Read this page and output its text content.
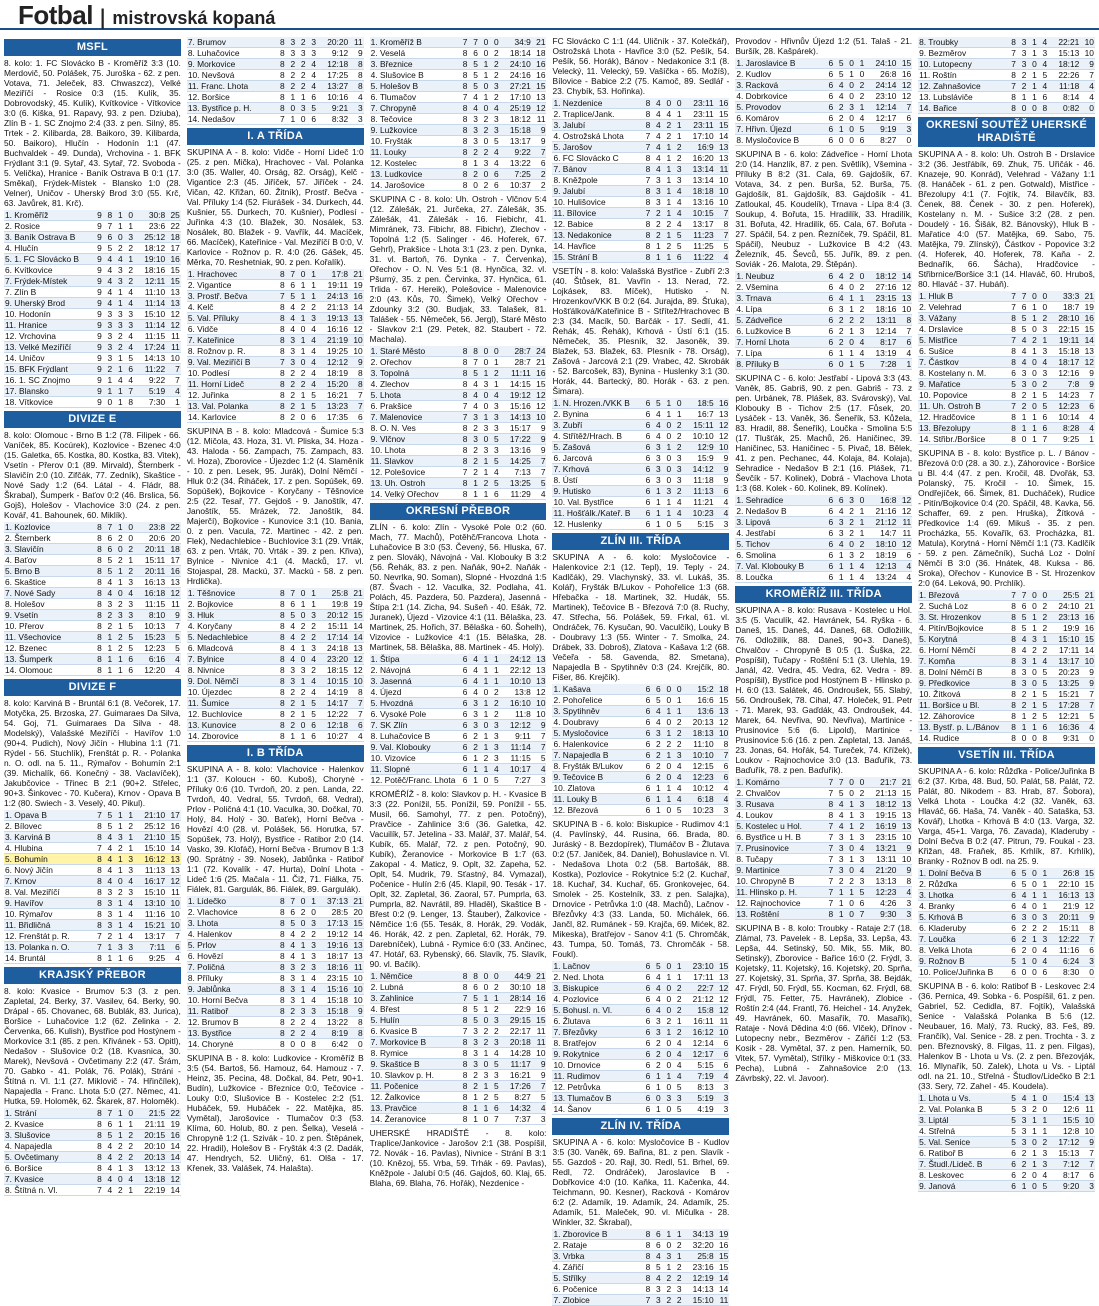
Fotbal | mistrovská kopaná
MSFL

8. kolo: 1. FC Slovácko B - Kroměříž 3:3 (10. Merdovič, 50. Polášek, 75. Juroška - 62. z pen. Votava, 71. Jeleček, 83. Chwaszcz), Velké Meziříčí - Rosice 0:3 (15. Kulík, 35. Dobrovodský, 45. Kulík), Kvítkovice - Vítkovice 3:0 (6. Kiška, 91. Rapavy, 93. z pen. Dziuba), Zlín B - 1. SC Znojmo 2:4 (33. z pen. Silný, 85. Trtek - 2. Kilibarda, 28. Baikoro, 39. Kilibarda, 50. Baikoro), Hlučín - Hodonín 1:1 (47. Buchvaldek - 49. Dunda), Vrchovina - 1. BFK Frýdlant 3:1 (9. Sytař, 43. Sytař, 72. Svoboda - 5. Velička), Hranice - Baník Ostrava B 0:1 (17. Směkal), Frýdek-Místek - Blansko 1:0 (28. Velner), Uničov - Uherský Brod 3:0 (55. Krč, 63. Javůrek, 81. Krč).

1. Kroměříž	9	8	1	0	30:8	25
2. Rosice	9	7	1	1	23:6	22
3. Baník Ostrava B	9	6	0	3	25:12	18
4. Hlučín	9	5	2	2	18:12	17
5. 1. FC Slovácko B	9	4	4	1	19:10	16
6. Kvítkovice	9	4	3	2	18:16	15
7. Frýdek-Místek	9	4	3	2	12:11	15
7. Zlín B	9	4	1	4	11:10	13
9. Uherský Brod	9	4	1	4	11:14	13
10. Hodonín	9	3	3	3	15:10	12
11. Hranice	9	3	3	3	11:14	12
12. Vrchovina	9	3	2	4	11:15	11
13. Velké Meziříčí	9	3	2	4	17:24	11
14. Uničov	9	3	1	5	14:13	10
15. BFK Frýdlant	9	2	1	6	11:22	7
16. 1. SC Znojmo	9	1	4	4	9:22	7
17. Blansko	9	1	1	7	5:19	4
18. Vítkovice	9	0	1	8	7:30	1
DIVIZE E

8. kolo: Olomouc - Brno B 1:2 (78. Filipek - 66. Vaníček, 85. Kocúrek), Kozlovice - Bzenec 4:0 (15. Galetka, 65. Kostka, 80. Kostka, 83. Vitek), Vsetín - Přerov 0:1 (89. Mirvald), Šternberk - Slavičín 2:0 (10. Zifčák, 77. Zedník), Skaštice - Nové Sady 1:2 (64. Látal - 4. Fládr, 88. Škrabal), Šumperk - Baťov 0:2 (46. Brslica, 56. Gojš), Holešov - Vlachovice 3:0 (24. z pen. Kovář, 41. Bahounek, 60. Miklík).

1. Kozlovice	8	7	1	0	23:8	22
2. Šternberk	8	6	2	0	20:6	20
3. Slavičín	8	6	0	2	20:11	18
4. Baťov	8	5	2	1	15:11	17
5. Brno B	8	5	1	2	20:11	16
6. Skaštice	8	4	1	3	16:13	13
7. Nové Sady	8	4	0	4	16:18	12
8. Holešov	8	3	2	3	11:15	11
9. Vsetín	8	2	3	3	8:10	9
10. Přerov	8	2	1	5	10:13	7
11. Všechovice	8	1	2	5	15:23	5
12. Bzenec	8	1	2	5	12:23	5
13. Šumperk	8	1	1	6	6:16	4
14. Olomouc	8	1	1	6	12:20	4
DIVIZE F

8. kolo: Karviná B - Bruntál 6:1 (8. Večorek, 17. Motyčka, 25. Brzoska, 27. Guimaraes Da Silva, 54. Goj, 71. Guimaraes Da Silva - 48. Modelský), Valašské Meziříčí - Havířov 1:0 (90+4. Pudich), Nový Jičín - Hlubina 1:1 (71. Rýdel - 56. Stuchlík), Frenštát p. R. - Polanka n. O. odl. na 5. 11., Rýmařov - Bohumín 2:1 (39. Michalík, 66. Konečný - 38. Vaclavíček), Jakubčovice - Třinec B 2:1 (90+2. Střelec, 90+3. Šinkovec - 70. Kučera), Krnov - Opava B 1:2 (80. Swiech - 3. Veselý, 40. Pikul).

1. Opava B	7	5	1	1	21:10	17
2. Bílovec	8	5	1	2	25:12	16
3. Karviná B	8	4	3	1	21:10	15
4. Hlubina	7	4	2	1	15:10	14
5. Bohumín	8	4	1	3	16:12	13
6. Nový Jičín	8	4	1	3	11:13	13
7. Krnov	8	4	0	4	16:17	12
8. Val. Meziříčí	8	3	2	3	15:10	11
9. Havířov	8	3	1	4	13:10	10
10. Rýmařov	8	3	1	4	11:16	10
11. Břidličná	8	3	1	4	15:21	10
12. Frenštát p. R.	7	2	1	4	13:17	7
13. Polanka n. O.	7	1	3	3	7:11	6
14. Bruntál	8	1	1	6	9:25	4
KRAJSKÝ PŘEBOR

8. kolo: Kvasice - Brumov 5:3 (3. z pen. Zapletal, 24. Berky, 37. Vasilev, 64. Berky, 90. Drápal - 65. Chovanec, 68. Bublák, 83. Jurica), Boršice - Luhačovice 1:2 (62. Zelinka - 2. Červenka, 66. Kulish), Bystřice pod Hostýnem - Morkovice 3:1 (85. z pen. Křivánek - 53. Opitl), Nedašov - Slušovice 0:2 (18. Kvasnica, 30. Marek), Nevšová - Ovčetimany 2:2 (47. Šrám, 70. Gabko - 41. Polák, 76. Polák), Stráni - Štítná n. Vl. 1:1 (27. Miklovič - 74. Hřinčílek), Napajedla - Franc. Lhota 5:0 (27. Němec, 41. Hutka, 59. Holoměk, 62. Škarek, 87. Holoměk).

1. Strání	8	7	1	0	21:5	22
2. Kvasice	8	6	1	1	21:11	19
3. Slušovice	8	5	1	2	20:15	16
4. Napajedla	8	4	2	2	20:10	14
5. Ovčetimany	8	4	2	2	20:13	14
6. Boršice	8	4	1	3	13:12	13
7. Kvasice	8	4	0	4	13:18	12
8. Štítná n. Vl.	7	4	2	1	22:19	14
7. Brumov	8	3	2	3	20:20	11
8. Luhačovice	8	3	3	3	9:12	9
9. Morkovice	8	2	2	4	12:18	8
10. Nevšová	8	2	2	4	17:25	8
11. Franc. Lhota	8	2	2	4	13:27	8
12. Boršice	8	1	1	6	10:16	4
13. Bystřice p. H.	8	0	3	5	9:21	3
14. Nedašov	7	1	0	6	8:32	3
I. A TŘÍDA

SKUPINA A - 8. kolo: Vidče - Horní Lideč 1:0 (25. z pen. Mička), Hrachovec - Val. Polanka 3:0 (35. Waller, 40. Orság, 82. Orság), Kelč - Vigantice 2:3 (45. Jiříček, 57. Jiříček - 24. Vičan, 42. Křižan, 60. Žitník), Prostř. Bečva - Val. Příluky 1:4 (52. Fiurášek - 34. Durkech, 44. Kušnier, 55. Durkech, 70. Kušnier), Podlesí - Juřinka 4:3 (10. Blažek, 30. Nosálek, 53. Nosálek, 80. Blažek - 9. Vavřík, 44. Macíček, 66. Macíček), Kateřinice - Val. Meziříčí B 0:0, V. Karlovice - Rožnov p. R. 4:0 (26. Gášek, 45. Měrka, 70. Reshetniak, 90. z pen. Kořalík).

1. Hrachovec	8	7	0	1	17:8	21
2. Vigantice	8	6	1	1	19:11	19
3. Prostř. Bečva	7	5	1	1	24:13	16
4. Kelč	8	4	2	2	21:13	14
5. Val. Příluky	8	4	1	3	19:13	13
6. Vidče	8	4	0	4	16:16	12
7. Kateřinice	8	3	1	4	21:19	10
8. Rožnov p. R.	8	3	1	4	19:25	10
9. Val. Meziříčí B	7	3	0	4	12:12	9
10. Podlesí	8	2	2	4	18:19	8
11. Horní Lideč	8	2	2	4	15:20	8
12. Juřinka	8	2	1	5	16:21	7
13. Val. Polanka	8	2	1	5	13:23	7
14. Karlovice	8	2	0	6	17:35	6

SKUPINA B - 8. kolo: Mladcová - Šumice 5:3 (12. Mičola, 43. Hoza, 31. Vl. Pliska, 34. Hoza - 43. Haloda - 56. Zampach, 75. Zampach, 83. vl. Hoza), Zborovice - Újezdec 1:2 (4. Slaměník - 10. z pen. Lesek, 95. Jurák), Dolní Němčí - Hluk 0:2 (34. Řiháček, 17. z pen. Sopúšek, 69. Sopúšek), Bojkovice - Koryčany - Těšnovice 2:5 (22. Tesař, 77. Gejdoš - 9. Janoštík, 47. Janoštík, 55. Mrázek, 72. Janoštík, 84. Majerčí), Bojkovice - Kunovice 3:1 (10. Bania, 0. z pen. Vacula, 72. Martinec - 42. z pen. Flek), Nedachlebice - Buchlovice 3:1 (29. Vrták, 63. z pen. Vrták, 70. Vrták - 39. z pen. Křiva), Bylnice - Nivnice 4:1 (4. Macků, 17. vl. Stojaspal, 28. Mackú, 37. Mackú - 58. z pen. Hrdlička).

1. Těšnovice	8	7	0	1	25:8	21
2. Bojkovice	8	6	1	1	19:8	19
3. Hluk	8	5	0	3	20:12	15
4. Koryčany	8	4	2	2	15:11	14
5. Nedachlebice	8	4	2	2	17:14	14
6. Mladcová	8	4	1	3	24:18	13
7. Bylnice	8	4	0	4	23:20	12
8. Nivnice	8	3	3	2	18:15	12
9. Dol. Němčí	8	3	1	4	10:15	10
10. Újezdec	8	2	2	4	14:19	8
11. Šumice	8	2	1	5	14:17	7
12. Buchlovice	8	2	1	5	12:22	7
13. Kunovice	8	2	0	6	12:18	6
14. Zborovice	8	1	1	6	10:27	4
I. B TŘÍDA

SKUPINA A - 8. kolo: Vlachovice - Halenkov 1:1 (37. Koloucн - 60. Kuboš), Chorynė - Příluky 0:6 (10. Tvrdoň, 20. z pen. Landa, 22. Tvrdoň, 40. Vedral, 55. Tvrdoň, 68. Vedral), Prlov - Poličná 4:1 (10. Vaculka, 30. Dočkal, 70. Holý, 84. Holý - 30. Baťek), Horní Bečva - Hovězí 4:0 (28. vl. Polášek, 56. Horutka, 57. Sopúšek, 73. Holý), Bystřice - Ratibor 2:0 (14. Vasko, 39. Klofáč), Horní Bečva - Brumov B 1:3 (90. Sprátný - 39. Nosek), Jablůnka - Ratiboř 1:1 (72. Kovalík - 47. Hurta), Dolní Lhota - Lideč 1:6 (25. Mačala - 11. Čiž, 71. Fiálka, 75. Fiálek, 81. Gargulák, 86. Fiálek, 89. Gargulák).

1. Lidečko	8	7	0	1	37:13	21
2. Vlachovice	8	6	2	0	28:5	20
3. Lhota	8	5	0	3	17:13	15
4. Halenkov	8	4	2	2	19:12	14
5. Prlov	8	4	1	3	19:16	13
6. Hovězí	8	4	1	3	18:17	13
7. Poličná	8	3	2	3	18:16	11
8. Příluky	8	3	1	4	23:15	10
9. Jablůnka	8	3	1	4	15:16	10
10. Horní Bečva	8	3	1	4	15:18	10
11. Ratiboř	8	2	3	3	15:18	9
12. Brumov B	8	2	2	4	13:22	8
13. Bystřice	8	2	2	4	8:19	8
14. Chorynė	8	0	0	8	6:42	0

SKUPINA B - 8. kolo: Ludkovice - Kroměříž B 3:5 (54. Bartoš, 56. Hamouz, 64. Hamouz - 7. Heinz, 35. Pecina, 48. Dočkal, 84. Petr, 90+1. Budín), Lužkovice - Březnice 0:0, Tečovice - Louky 0:0, Slušovice B - Kostelec 2:2 (51. Hubáček, 59. Hubáček - 22. Matějka, 85. Vymětal), Jarošovice - Tlumačov 0:3 (53. Klíma, 60. Holub, 80. z pen. Šelka), Veselá - Chropyně 1:2 (1. Szivák - 10. z pen. Štěpánek, 22. Hradil), Holešov B - Fryšták 4:3 (2. Dadák, 47. Hendrych, 52. Uličný, 61. Olša - 17. Křenek, 33. Valášek, 74. Halašta).

1. Kroměříž B	7	7	0	0	34:9	21
2. Veselá	8	6	0	2	18:14	18
3. Březnice	8	5	1	2	24:10	16
4. Slušovice B	8	5	1	2	24:16	16
5. Holešov B	8	5	0	3	27:21	15
6. Tlumačov	7	4	1	2	17:10	13
7. Chropyně	8	4	0	4	25:19	12
8. Tečovice	8	3	2	3	18:12	11
9. Lužkovice	8	3	2	3	15:18	9
10. Fryšták	8	3	0	5	13:17	9
11. Louky	8	2	2	4	9:22	7
12. Kostelec	8	1	3	4	13:22	6
13. Ludkovice	8	2	0	6	7:25	2
14. Jarošovice	8	0	2	6	10:37	2

SKUPINA C - 8. kolo: Uh. Ostroh - Vlčnov 5:4 (12. Zálešák, 21. Jurčeka, 27. Zálešák, 35. Zálešák, 41. Zálešák - 16. Fiebichr, 41. Mimránek, 73. Fibichr, 88. Fibichr), Zlechov - Topolná 1:2 (5. Salinger - 46. Hoferek, 67. Gehrl), Prakšice - Lhota 3:1 (23. z pen. Dynka, 31. vl. Bartoň, 76. Dynka - 7. Červenka), Ořechov - O. N. Ves 5:1 (8. Hynčica, 32. vl. Pšurný, 35. z pen. Červinka, 37. Hynčica, 61. Trlida - 67. Hereik), Polešovice - Malenovice 2:0 (43. Kůs, 70. Šimek), Velký Ořechov - Zdounky 3:2 (30. Budjak, 33. Talašek, 81. Talášek - 55. Němeček, 56. Jergl), Staré Město - Slavkov 2:1 (29. Petek, 82. Staubert - 72. Machala).

1. Staré Město	8	8	0	0	28:7	24
2. Ořechov	8	7	0	1	28:7	21
3. Topolná	8	5	1	2	11:11	16
4. Zlechov	8	4	3	1	14:15	15
5. Lhota	8	4	0	4	19:12	12
6. Prakšice	7	4	0	3	15:16	12
7. Malenovice	7	3	1	3	14:13	10
8. O. N. Ves	8	2	3	3	15:17	9
9. Vlčnov	8	3	0	5	17:22	9
10. Lhota	8	2	3	3	13:16	9
11. Slavkov	8	2	1	5	14:25	7
12. Polešovice	7	2	1	4	7:13	7
13. Uh. Ostroh	8	1	2	5	13:25	5
14. Velký Ořechov	8	1	1	6	11:29	4
OKRESNÍ PŘEBOR

ZLÍN - 6. kolo: Zlín - Vysoké Pole 0:2 (60. Mach, 77. Machů), Potěhč/Francova Lhota - Luhačovice B 3:0 (53. Čevený, 56. Hluska, 67. z pen. Slovák), Návojná - Val. Klobouky B 3:2 (56. Řehák, 83. z pen. Naňák, 90+2. Naňák - 50. Nevrlka, 90. Soman), Slopné - Hvozdná 1:5 (87. Švach - 12. Vaculka, 32. Podlaha, 41. Polách, 45. Pazdera, 50. Pazdera), Jasenná - Štípa 2:1 (14. Zicha, 94. Sušeň - 40. Ešák, 72. Juranek), Újezd - Vizovice 4:1 (11. Bělaška, 23. Martinek, 25. Hořich, 37. Bělaška - 60. Šohelh), Vizovice - Lužkovice 4:1 (15. Bělaška, 28. Martinek, 58. Bělaška, 88. Martinek - 45. Holý).

1. Štípa	6	4	1	1	24:12	13
2. Návojná	6	4	1	1	22:12	13
3. Jasenná	6	4	1	1	10:10	13
4. Újezd	6	4	0	2	13:8	12
5. Hvozdná	6	3	1	2	16:10	10
6. Vysoké Pole	6	3	1	2	11:8	10
7. SK Zlín	6	3	0	3	12:12	9
8. Luhačovice B	6	2	1	3	9:11	7
9. Val. Klobouky	6	2	1	3	11:14	7
10. Vizovice	6	1	2	3	11:15	5
11. Slopné	6	1	1	4	10:17	4
12. Potěč/Franc. Lhota	6	1	0	5	7:27	3

KROMĚŘÍŽ - 8. kolo: Slavkov p. H. - Kvasice B 3:3 (22. Ponížil, 55. Ponížil, 59. Ponížil - 55. Musil, 66. Samohyl, 77. z pen. Potočný), Pravčice - Zahlinice 3:6 (36. Galetka, 42. Vacuilík, 57. Jetelina - 33. Malář, 37. Malář, 54. Kubík, 65. Malář, 72. z pen. Potočný, 90. Kubík), Žeranovice - Morkovice B 1:7 (63. Zakopal - 4. Maticz, 9. Oplt, 32. Zapeha, 52. Oplt, 54. Mudrik, 79. Sťastný, 84. Vymazal), Počenice - Hulín 2:6 (45. Klapil, 90. Tesák - 17. Oplt, 32. Zapletal, 36. Zaoral, 57. Pumprla, 63. Pumprla, 82. Navrátil, 89. Hladěl), Skaštice B - Břest 0:2 (9. Lenger, 13. Štauber), Žalkovice - Němčice 1:6 (55. Tesák, 8. Horák, 29. Vodák, 46. Horák, 42. z pen. Zapletal, 62. Horák, 79. Darebníček), Lubná - Rymice 6:0 (33. Ančinec, 47. Hotář, 63. Rybenský, 66. Slavík, 75. Slavík, 90. vl. Bačík).

1. Němčice	8	8	0	0	44:9	21
2. Lubná	8	6	0	2	30:10	18
3. Zahlinice	7	5	1	1	28:14	16
4. Břest	8	5	1	2	22:9	16
5. Hulín	8	5	0	3	29:15	15
6. Kvasice B	7	3	2	2	22:17	11
7. Morkovice B	8	3	2	3	20:18	11
8. Rymice	8	3	1	4	14:28	10
9. Skaštice B	8	3	0	5	11:17	9
10. Slavkov p. H.	8	2	3	3	16:21	9
11. Počenice	8	2	1	5	17:26	7
12. Žalkovice	8	1	2	5	8:27	5
13. Pravčice	8	1	1	6	14:32	4
14. Žeranovice	8	1	0	7	7:37	3

UHERSKÉ HRADIŠTĚ - 8. kolo: Traplice/Jankovice - Jarošov 2:1 (38. Pospíšil, 72. Novák - 16. Pavlas), Nivnice - Strání B 3:1 (10. Knězoj, 55. Vrba, 59. Trhák - 69. Pavlas), Kněžpole - Jalubí 0:5 (46. Gajdoš, 60. Klaj, 65. Blaha, 69. Blaha, 76. Hořák), Nezdenice -

FC Slovácko C 1:1 (44. Uličník - 37. Kolečkář), Ostrožská Lhota - Havřice 3:0 (52. Pešík, 54. Pešík, 56. Horák), Bánov - Nedakonice 3:1 (8. Velecký, 11. Velecký, 59. Vašíčka - 65. Možíš), Bílovice - Babice 2:2 (75. Kamoč, 89. Sedlář - 23. Chybík, 53. Hořinka).

1. Nezdenice	8	4	0	0	23:11	16
2. Traplice/Jank.	8	4	4	1	23:11	15
3. Jalubí	8	4	2	1	23:11	15
4. Ostrožská Lhota	7	4	2	1	17:10	14
5. Jarošov	7	4	1	2	16:9	13
6. FC Slovácko C	8	4	1	2	16:20	13
7. Bánov	8	4	1	3	13:14	11
8. Kněžpole	7	3	1	3	13:14	10
9. Jalubí	8	3	1	4	18:18	10
10. Hulišovice	8	3	1	4	13:16	10
11. Bílovice	7	2	1	4	10:15	7
12. Babice	8	2	2	4	13:17	8
13. Nedakonice	8	2	1	5	11:23	7
14. Havřice	8	1	2	5	11:25	5
15. Strání B	8	1	1	6	11:22	4

VSETÍN - 8. kolo: Valašská Bystřice - Zubří 2:3 (40. Štůsek, 81. Vavřín - 13. Nerad, 72. Lojkásek, 83. Míček), Hutisko - N. Hrozenkov/VKK B 0:2 (64. Jurajda, 89. Šťuka), Hošťálková/Kateřinice B - Střítež/Hrachovec B 2:3 (34. Macík, 50. Barčák - 17. Sedlí, 41. Řehák, 45. Řehák), Krhová - Ústí 6:1 (15. Němeček, 35. Plesník, 32. Jasoněk, 39. Blažek, 53. Blažek, 63. Plesník - 78. Orság), Zašová - Jarcová 2:1 (29. Vrabec, 42. Skrobák - 52. Barcošek, 83), Bynina - Huslenky 3:1 (30. Horák, 44. Bartecký, 80. Horák - 63. z pen. Šimara).

1. N. Hrozen./VKK B	6	5	1	0	18:5	16
2. Bynina	6	4	1	1	16:7	13
3. Zubří	6	4	0	2	15:11	12
4. Střítěž/Hrach. B	6	4	0	2	10:10	12
5. Zašová	6	3	1	2	12:9	10
6. Jarcová	6	3	0	3	15:9	9
7. Krhová	6	3	0	3	14:12	9
8. Ústí	6	3	0	3	11:18	9
9. Hutisko	6	1	3	2	11:13	6
10. Val. Bystřice	6	1	1	4	11:21	4
11. Hošťálk./Kateř. B	6	1	1	4	10:23	4
12. Huslenky	6	1	0	5	5:15	3
ZLÍN III. TŘÍDA

SKUPINA A - 6. kolo: Mysločovice - Halenkovice 2:1 (12. Tepl), 19. Teply - 24. Kadlčák), 29. Vlachynský, 33. vl. Lukáš, 35. Kolář), Fryšták B/Lukov - Pohořelice 1:3 (68. Hřebačka - 18. Martinek, 32. Hudák, 55. Martinek), Tečovice B - Březová 7:0 (8. Ruchy, 47. Střecha, 56. Polášek, 59. Frkal, 61. vl. Ondráček, 76. Kysučan, 90. Vaculčík), Louky B - Doubravy 1:3 (55. Winter - 7. Smolka, 24. Drábek, 33. Dobroš), Zlatova - Kašava 1:2 (68. Večeřa - 58. Gavenda, 82. Smetana), Napajedla B - Spytihněv 0:3 (24. Krejčík, 80. Fišer, 86. Krejčík).

1. Kašava	6	6	0	0	15:2	18
2. Pohořelice	6	5	0	1	16:6	15
3. Spytihněv	6	4	1	1	13:6	13
4. Doubravy	6	4	0	2	20:13	12
5. Mysločovice	6	3	1	2	18:13	10
6. Halenkovice	6	2	2	2	11:10	8
7. Napajedla B	6	2	1	3	10:10	7
8. Fryšták B/Lukov	6	2	0	4	12:15	6
9. Tečovice B	6	2	0	4	12:23	6
10. Zlatova	6	1	1	4	10:12	4
11. Louky B	6	1	1	4	6:18	4
12. Březová	6	1	0	5	10:23	3

SKUPINA B - 6. kolo: Biskupice - Rudimov 4:1 (4. Pavlínský, 44. Rusina, 66. Brada, 80. Juráský - 8. Bezdopírek), Tlumáčov B - Žlutava 0:2 (57. Janiček, 84. Daniel), Bohuslavice n. Vl. - Nedašova Lhota 0:2 (58. Bartošák, 88. Kostka), Pozlovice - Rokytnice 5:2 (2. Kuchař, 18. Kuchař, 34. Kuchař, 65. Gronkovejec, 64. Smolek - 25. Kostelník, 33. z pen. Salajka), Drnovice - Petrůvka 1:0 (48. Machů), Lačnov - Březůvky 4:3 (33. Landa, 50. Michálek, 66. Jančl, 82. Rumánek - 59. Krajča, 69. Mićek, 82. Mikeska), Bratřejov - Sanov 4:1 (5. Chromčák, 43. Tumpa, 50. Tomáš, 73. Chromčák - 58. Foukl).

1. Lačnov	6	5	0	1	23:10	15
2. Ned. Lhota	6	4	1	1	17:11	13
3. Biskupice	6	4	0	2	22:7	12
4. Pozlovice	6	4	0	2	21:12	12
5. Bohusl. n. Vl.	6	4	0	2	15:8	12
6. Žlutava	6	3	2	1	16:11	11
7. Březůvky	6	3	1	2	16:12	10
8. Bratřejov	6	2	0	4	12:14	6
9. Rokytnice	6	2	0	4	12:17	6
10. Drnovice	6	2	0	4	5:15	6
11. Rudimov	6	1	1	4	7:19	4
12. Petrůvka	6	1	0	5	8:13	3
13. Tlumačov B	6	0	3	3	5:19	3
14. Šanov	6	1	0	5	4:19	3
ZLÍN IV. TŘÍDA

SKUPINA A - 6. kolo: Mysločovice B - Kudlov 3:5 (30. Vaněk, 69. Bařina, 81. z pen. Slavík - 55. Gazdoš - 20. Rajl, 30. Redl, 51. Brhel, 69. Redl, 72. Ondráček), Jaroslavice B - Dobřkovice 4:0 (10. Kaňka, 11. Kačenka, 44. Teichmann, 90. Kesner), Racková - Komárov 6:2 (2. Adamík, 19. Adamík, 24. Adamík, 25. Adamík, 51. Maleček, 90. vl. Mičulka - 28. Winkler, 32. Škrabal),

1. Zborovice B	8	6	1	1	34:13	19
2. Rataje	8	6	0	2	32:20	16
3. Vrbka	8	4	3	1	25:8	15
4. Zářičí	8	5	1	2	23:16	15
5. Střílky	8	4	2	2	12:19	14
6. Počenice	8	3	2	3	14:13	14
7. Zlobice	7	3	2	2	15:10	11

Provodov - Hřivnův Újezd 1:2 (51. Talaš - 21. Buršík, 28. Kašpárek).

1. Jaroslavice B	6	5	0	1	24:10	15
2. Kudlov	6	5	1	0	26:8	16
3. Racková	6	4	0	2	24:14	12
4. Dobrkovice	6	4	0	2	23:10	12
5. Provodov	6	2	3	1	12:14	7
6. Komárov	6	2	0	4	12:17	6
7. Hřivn. Újezd	6	1	0	5	9:19	3
8. Mysločovice B	6	0	0	6	8:27	0

SKUPINA B - 6. kolo: Zádveřice - Horní Lhota 2:0 (14. Hanzlík, 87. z pen. Světlík), Všemina - Příluky B 8:2 (31. Cala, 69. Gajdošík, 67. Votava, 34. z pen. Burša, 52. Burša, 75. Gajdošík, 81. Gajdošík, 83. Gajdošík - 41. Zatloukal, 45. Koudelík), Trnava - Lípa 8:4 (3. Soukup, 4. Bořuta, 15. Hradilík, 33. Hradilík, 31. Bořuta, 42. Hradilík, 65. Cala, 67. Bořuta - 27. Spáčil, 54. z pen. Řezníček, 79. Spáčil, 81. Spáčil), Neubuz - Lužkovice B 4:2 (43. Železník, 45. Ševců, 55. Juřík, 89. z pen. Soviák - 26. Malota, 29. Štěpán).

1. Neubuz	6	4	2	0	18:12	14
2. Všemina	6	4	0	2	27:16	12
3. Trnava	6	4	1	1	23:15	13
4. Lípa	6	3	1	2	18:16	10
5. Zádveřice	6	2	2	2	13:11	8
6. Lužkovice B	6	2	1	3	12:14	7
7. Horní Lhota	6	2	0	4	8:17	6
7. Lípa	6	1	1	4	13:19	4
8. Příluky B	6	0	1	5	7:28	1

SKUPINA C - 6. kolo: Jestřabí - Lipová 3:3 (43. Vaněk, 85. Gabriš, 90. z pen. Gabriš - 73. z pen. Urbánek, 78. Plášek, 83. Svárovský), Val. Klobouky B - Tichov 2:5 (17. Fůsek, 20. Lysáček - 13. Vaněk, 36. Šeneřík, 53. Kůžela, 83. Hradil, 88. Šeneřík), Loučka - Smolina 5:5 (17. Tlušťák, 25. Machů, 26. Haničinec, 39. Haničinec, 53. Haničinec - 5. Pivač, 18. Bělek, 41. z pen. Pechanec, 44. Kolaja, 84. Kolaja), Sehradice - Nedašov B 2:1 (16. Plášek, 71. Ševčík - 57. Kolinek), Dobrá - Vlachova Lhota 1:3 (68. Kolek - 60. Kolinek, 89. Kolínek).

1. Sehradice	6	6	3	0	16:8	12
2. Nedašov B	6	4	2	1	21:16	12
3. Lipová	6	3	2	1	21:12	11
4. Jestřabí	6	3	2	1	14:7	11
5. Tichov	6	4	0	2	18:10	12
6. Smolina	6	1	3	2	18:19	6
7. Val. Klobouky B	6	1	1	4	12:13	4
8. Loučka	6	1	1	4	13:24	4
KROMĚŘÍŽ III. TŘÍDA

SKUPINA A - 8. kolo: Rusava - Kostelec u Hol. 3:5 (5. Vaculík, 42. Havránek, 54. Ryška - 6. Daneš, 15. Daneš, 44. Daneš, 68. Odložilík, 76. Odložilík, 88. Daneš, 90+3. Daneš), Chvalčov - Chropyně B 0:5 (1. Šuška, 22. Pospíšil), Tučapy - Roštění 5:1 (3. Ulehla, 19. Janál, 42. Vedra, 45. Vedra, 62. Vedra - 89. Pospíšil), Bystřice pod Hostýnem B - Hlinsko p. H. 6:0 (13. Salátek, 46. Ondroušek, 55. Slabý, 56. Ondroušek, 78. Cihal, 47. Holeček, 91. Petr - 71. Marek, 93. Gaďdák, 43. Ondroušek, 44. Marek, 64. Nevřiva, 90. Nevřiva), Martinice - Prusinovice 5:6 (6. Lipold), Martinice - Prusinovice 5:6 (16. z pen. Zapletal, 13. Janáš, 23. Jonas, 64. Hořák, 54. Tureček, 74. Křížek), Loukov - Rajnochovice 3:0 (13. Baďuřík, 73. Baďuřík, 78. z pen. Baďuřík).

1. Komárno	7	7	0	0	21:7	21
2. Chvalčov	7	5	0	2	21:13	15
3. Rusava	8	4	1	3	18:12	13
4. Loukov	8	4	1	3	19:15	13
5. Kostelec u Hol.	7	4	1	2	16:19	13
6. Bystřice u H. B	7	3	1	3	23:15	10
7. Prusinovice	7	3	0	4	13:21	9
8. Tučapy	7	3	1	3	13:11	10
9. Martinice	7	3	0	4	21:20	9
10. Chropyně B	7	2	2	3	13:13	8
11. Hlinsko p. H.	7	1	1	5	12:23	4
12. Rajnochovice	7	1	0	6	4:26	3
13. Roštění	8	1	0	7	9:30	3

SKUPINA B - 8. kolo: Troubky - Rataje 2:7 (18. Zlámal, 73. Pavelek - 8. Lepša, 33. Lepša, 43. Lepša, 44. Setinský, 50. Mik, 55. Mik, 80. Setinský), Zborovice - Bařice 16:0 (2. Frýdl, 3. Kojetský, 11. Kojetský, 16. Kojetský, 20. Sprňa, 27. Kojetský, 31. Sprňa, 37. Sprňa, 38. Bejdák, 47. Frýdl, 50. Frýdl, 55. Kocman, 62. Frýdl, 68. Frýdl, 75. Fetter, 75. Havránek), Zlobice - Roštín 2:4 (44. Frantl, 76. Heichel - 14. Anyžek, 49. Havránek, 60. Masařík, 70. Masařík), Rataje - Nová Dědina 4:0 (66. Vlček), Dřínov - Lutopecny nebr., Bezměrov - Zářičí 1:2 (53. Kosik - 28. Vymětal, 37. z pen. Hamerník, 50. Vitek, 57. Vymětal), Střílky - Miškovice 0:1 (33. Pecha), Lubná - Zahnašovice 2:0 (13. Závrbský, 22. vl. Javoor).

8. Troubky	8	3	1	4	22:21	10
9. Bezměrov	7	3	1	3	15:13	10
10. Lutopecny	7	3	0	4	18:12	9
11. Roštín	8	2	1	5	22:26	7
12. Zahnašovice	7	2	1	4	11:18	4
13. Lubsláviče	8	1	1	6	8:14	4
14. Bařice	8	0	0	8	0:82	0
OKRESNÍ SOUTĚŽ UHERSKÉ HRADIŠTĚ

SKUPINA A - 8. kolo: Uh. Ostroh B - Drslavice 3:2 (36. Jestřábík, 69. Zhuk, 75. Uřičák - 46. Knazeje, 90. Konrád), Velehrad - Vážany 1:1 (8. Hanáček - 61. z pen. Gotwald), Mistřice - Březolupy 4:1 (7. Fojtík, 74. Bilavčík, 83. Čenek, 88. Čenek - 30. z pen. Hoferek), Kostelany n. M. - Sušice 3:2 (28. z pen. Doudelý - 16. Šišák, 82. Bánovský), Hluk B - Mařatice 4:0 (57. Matějka, 69. Sabo, 75. Matějka, 79. Zlínský), Částkov - Popovice 3:2 (4. Hoferek, 40. Hoferek, 78. Kaňa - 2. Bednařík, 66. Šácha), Hradčovice - Střibrnice/Boršice 3:1 (14. Hlaváč, 60. Hruboš, 80. Hlaváč - 37. Hubáň).

1. Hluk B	7	7	0	0	33:3	21
2. Velehrad	7	6	1	0	18:7	19
3. Vážany	8	5	1	2	28:10	16
4. Drslavice	8	5	0	3	22:15	15
5. Mistřice	7	4	2	1	19:11	14
6. Sušice	8	4	1	3	15:18	13
7. Částkov	8	4	0	4	18:17	12
8. Kostelany n. M.	6	3	0	3	12:16	9
9. Mařatice	5	3	0	2	7:8	9
10. Popovice	8	2	1	5	14:23	7
11. Uh. Ostroh B	7	2	0	5	12:23	6
12. Hradčovice	8	1	1	6	10:14	4
13. Březolupy	8	1	1	6	8:28	4
14. Střibr./Boršice	8	0	1	7	9:25	1

SKUPINA B - 8. kolo: Bystřice p. L. / Bánov - Březová 0:0 (28. a 30. z.), Záhorovice - Boršice u Bl. 4:4 (47. z pen. Kročil, 48. Dvořák, 53. Polanský, 75. Kročil - 10. Šimek, 15. Ondřejíček, 66. Šimek, 81. Ducháček), Rudice - Pitín/Bojkovice 0:4 (20. Spáčil, 48. Kavka, 56. Schaffer, 69. z pen. Hruška), Žítková - Předkovice 1:4 (69. Mikuš - 35. z pen. Procházka, 55. Kovařík, 63. Procházka, 81. Matula), Korytná - Horní Němčí 1:1 (73. Kadlčík - 59. z pen. Zámečník), Suchá Loz - Dolní Němčí B 3:0 (36. Hnátek, 48. Kuksa - 86. Sroka), Ořechov - Kunovice B - St. Hrozenkov 2:0 (64. Leková, 90. Prchlík).

1. Březová	7	7	0	0	25:5	21
2. Suchá Loz	8	6	0	2	24:10	21
3. St. Hrozenkov	8	5	1	2	23:13	16
4. Pitín/Bojkovice	8	5	1	2	19:9	16
5. Korytná	8	4	3	1	15:10	15
6. Horní Němčí	8	4	2	2	17:11	14
7. Komňa	8	3	1	4	13:17	10
8. Dolní Němčí B	8	3	0	5	20:23	9
9. Předkovice	8	3	0	5	13:25	9
10. Žítková	8	2	1	5	15:21	7
11. Boršice u Bl.	8	2	1	5	17:28	7
12. Záhorovice	8	1	2	5	12:21	5
13. Bystř. p. L./Bánov	8	1	1	6	16:36	4
14. Rudice	8	0	0	8	9:31	0
VSETÍN III. TŘÍDA

SKUPINA A - 6. kolo: Růžďka - Police/Juřinka B 6:2 (37. Krba, 48. Bud, 50. Palát, 58. Palát, 72. Palát, 80. Nikodem - 83. Hrab, 87. Šobora), Velká Lhota - Loučka 4:2 (32. Vaněk, 63. Hlaváč, 66. Haša, 74. Vaněk - 40. Sataška, 53. Kovář), Lhotka - Krhová B 4:0 (13. Varga, 32. Varga, 45+1. Varga, 76. Zavada), Kladeruby - Dolní Bečva B 0:2 (47. Pitrun, 79. Foukal - 23. Křižan, 48. Fraňek, 85. Krhlík, 87. Krhlík), Branky - Rožnov B odl. na 25. 9.

1. Dolní Bečva B	6	5	0	1	26:8	15
2. Růžďka	6	5	0	1	22:10	15
3. Lhotka	6	4	1	1	16:13	13
4. Branky	6	4	0	1	21:9	12
5. Krhová B	6	3	0	3	20:11	9
6. Kladeruby	6	2	2	2	15:11	8
7. Loučka	6	2	1	3	12:22	7
8. Velká Lhota	6	2	0	4	11:16	6
9. Rožnov B	5	1	0	4	6:24	3
10. Police/Juřinka B	6	0	0	6	8:30	0

SKUPINA B - 6. kolo: Ratibof B - Leskovec 2:4 (36. Pernica, 49. Sobka - 6. Pospíšil, 61. z pen. Gabriel, 52. Cedidla, 87. Fojtík), Valašská Senice - Valašská Polanka B 5:6 (12. Neubauer, 16. Malý, 73. Rucký, 83. Feš, 89. Frančík), Val. Senice - 28. z pen. Trochta - 3. z pen. Březnovský, 8. Filgas, 11. z pen. Filgas), Halenkov B - Lhota u Vs. (2. z pen. Březovják, 16. Mlynařík, 50. Zalek), Lhota u Vs. - Liptál odl. na 21. 10., Střelná - Študlov/Lidečko B 2:1 (33. Sery, 72. Zahel - 45. Koudela).

1. Lhota u Vs.	5	4	1	0	15:4	13
2. Val. Polanka B	5	3	2	0	12:6	11
3. Liptál	5	3	1	1	15:5	10
4. Střelná	5	3	1	1	12:8	10
5. Val. Senice	5	3	0	2	17:12	9
6. Ratiboř B	6	2	1	3	15:13	7
7. Študl./Lideč. B	6	2	1	3	7:12	7
8. Leskovec	6	2	0	4	8:17	6
9. Janová	6	1	0	5	9:20	3
